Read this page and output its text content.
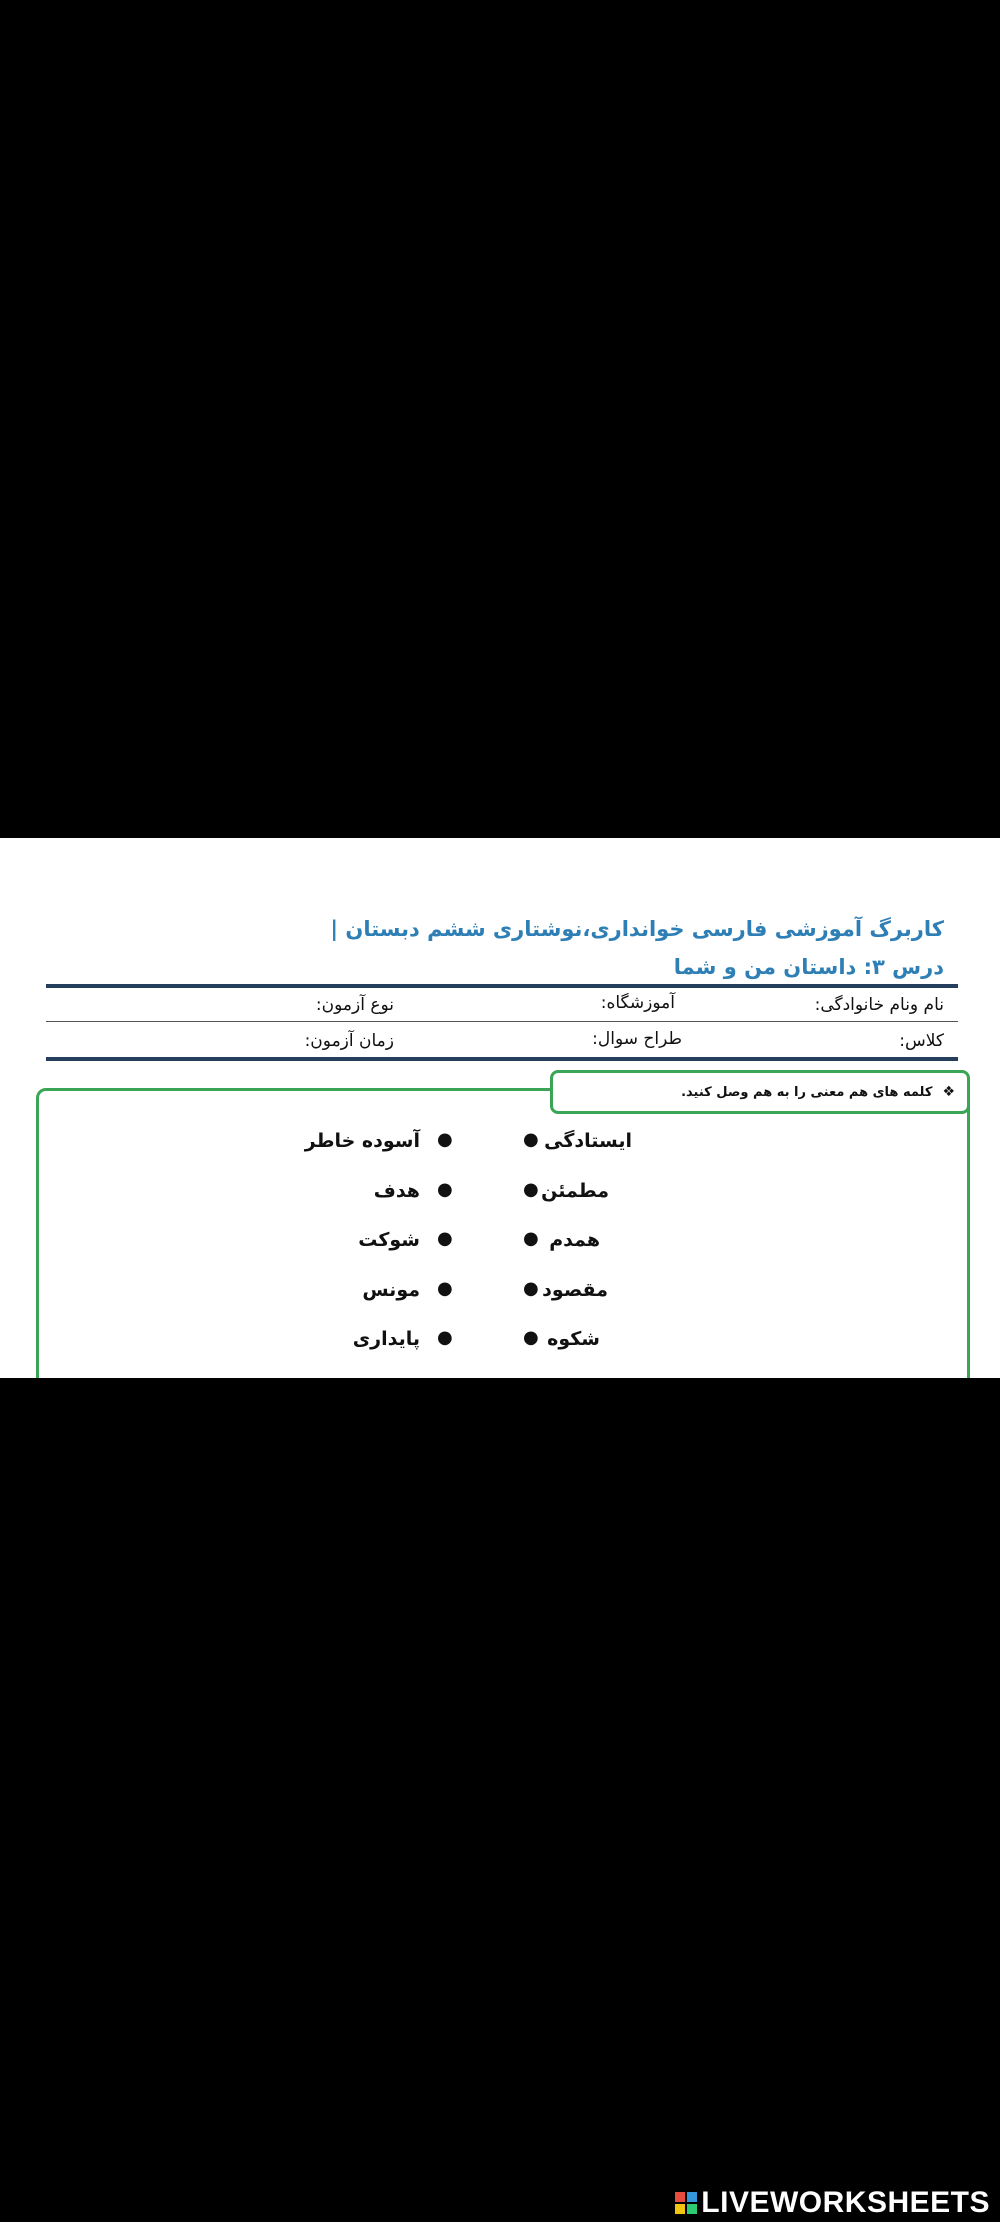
کاربرگ آموزشی فارسی خوانداری،نوشتاری ششم دبستان | درس ۳: داستان من و شما
نام ونام خانوادگی:
آموزشگاه:
نوع آزمون:
کلاس:
طراح سوال:
زمان آزمون:
❖
کلمه های هم معنی را به هم وصل کنید.
ایستادگی
●
مطمئن
●
همدم
●
مقصود
●
شکوه
●
●
آسوده خاطر
●
هدف
●
شوکت
●
مونس
●
پایداری
LIVEWORKSHEETS
